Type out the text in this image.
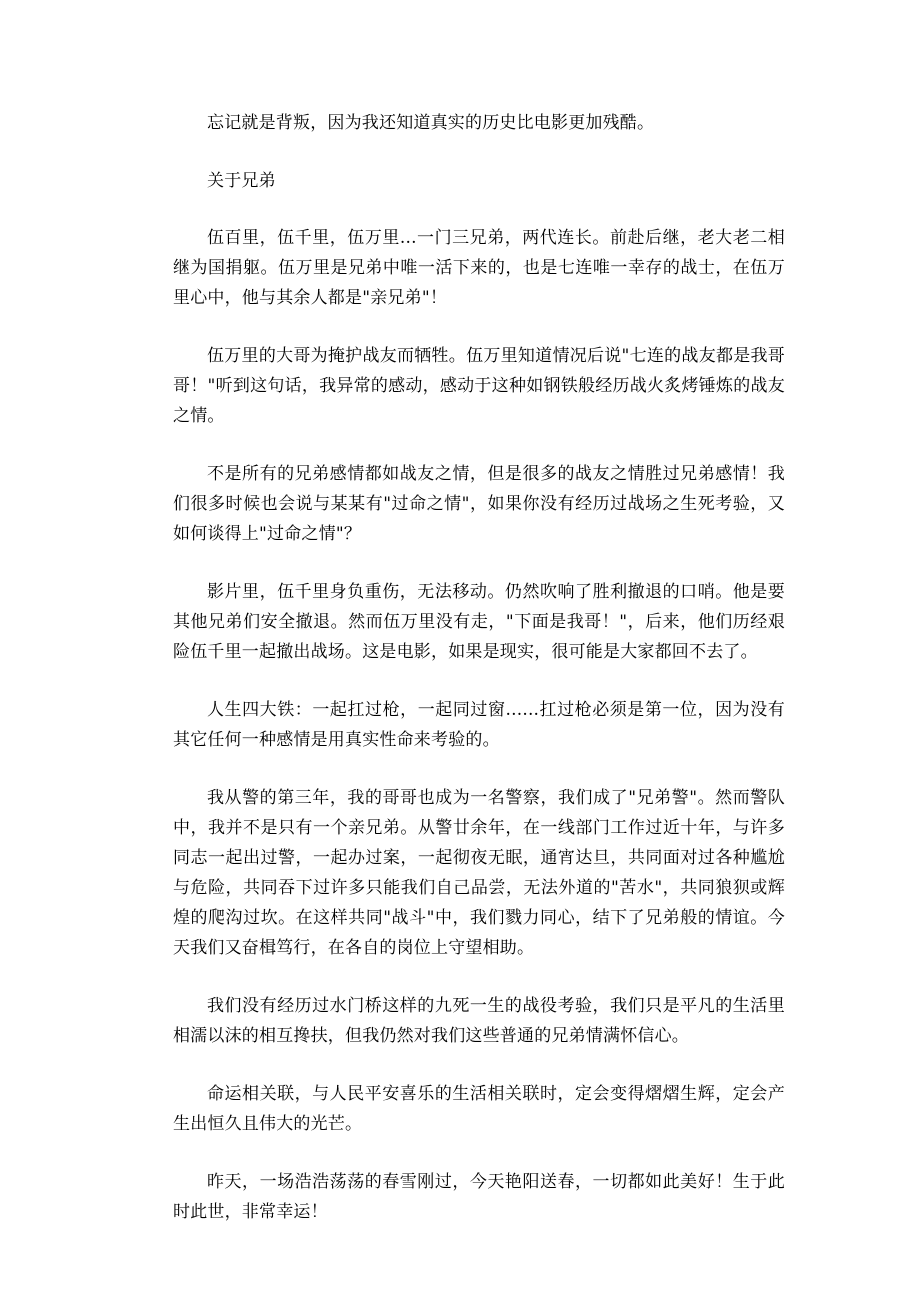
忘记就是背叛，因为我还知道真实的历史比电影更加残酷。

关于兄弟

伍百里，伍千里，伍万里...一门三兄弟，两代连长。前赴后继，老大老二相继为国捐躯。伍万里是兄弟中唯一活下来的，也是七连唯一幸存的战士，在伍万里心中，他与其余人都是"亲兄弟"！

伍万里的大哥为掩护战友而牺牲。伍万里知道情况后说"七连的战友都是我哥哥！"听到这句话，我异常的感动，感动于这种如钢铁般经历战火炙烤锤炼的战友之情。

不是所有的兄弟感情都如战友之情，但是很多的战友之情胜过兄弟感情！我们很多时候也会说与某某有"过命之情"，如果你没有经历过战场之生死考验，又如何谈得上"过命之情"？

影片里，伍千里身负重伤，无法移动。仍然吹响了胜利撤退的口哨。他是要其他兄弟们安全撤退。然而伍万里没有走，"下面是我哥！"，后来，他们历经艰险伍千里一起撤出战场。这是电影，如果是现实，很可能是大家都回不去了。

人生四大铁：一起扛过枪，一起同过窗......扛过枪必须是第一位，因为没有其它任何一种感情是用真实性命来考验的。

我从警的第三年，我的哥哥也成为一名警察，我们成了"兄弟警"。然而警队中，我并不是只有一个亲兄弟。从警廿余年，在一线部门工作过近十年，与许多同志一起出过警，一起办过案，一起彻夜无眠，通宵达旦，共同面对过各种尴尬与危险，共同吞下过许多只能我们自己品尝，无法外道的"苦水"，共同狼狈或辉煌的爬沟过坎。在这样共同"战斗"中，我们戮力同心，结下了兄弟般的情谊。今天我们又奋楫笃行，在各自的岗位上守望相助。

我们没有经历过水门桥这样的九死一生的战役考验，我们只是平凡的生活里相濡以沫的相互搀扶，但我仍然对我们这些普通的兄弟情满怀信心。

命运相关联，与人民平安喜乐的生活相关联时，定会变得熠熠生辉，定会产生出恒久且伟大的光芒。

昨天，一场浩浩荡荡的春雪刚过，今天艳阳送春，一切都如此美好！生于此时此世，非常幸运！
